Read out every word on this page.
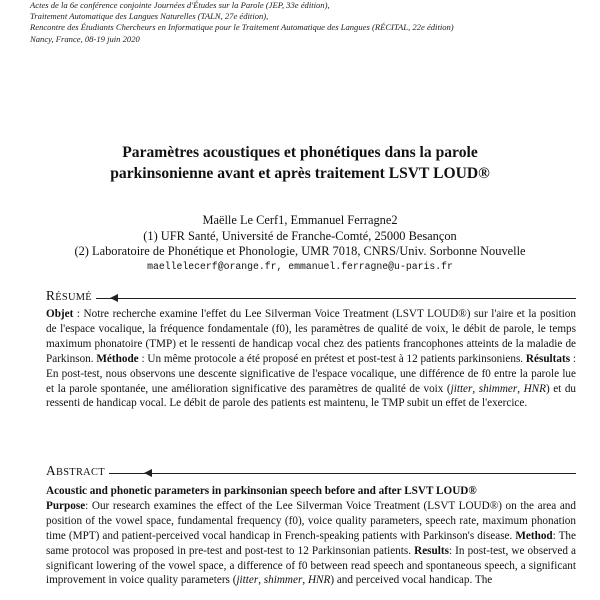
Actes de la 6e conférence conjointe Journées d'Études sur la Parole (JEP, 33e édition),
Traitement Automatique des Langues Naturelles (TALN, 27e édition),
Rencontre des Étudiants Chercheurs en Informatique pour le Traitement Automatique des Langues (RÉCITAL, 22e édition)
Nancy, France, 08-19 juin 2020
Paramètres acoustiques et phonétiques dans la parole
parkinsonienne avant et après traitement LSVT LOUD®
Maëlle Le Cerf1, Emmanuel Ferragne2
(1) UFR Santé, Université de Franche-Comté, 25000 Besançon
(2) Laboratoire de Phonétique et Phonologie, UMR 7018, CNRS/Univ. Sorbonne Nouvelle
maellelecerf@orange.fr, emmanuel.ferragne@u-paris.fr
RÉSUMÉ

Objet : Notre recherche examine l'effet du Lee Silverman Voice Treatment (LSVT LOUD®) sur l'aire et la position de l'espace vocalique, la fréquence fondamentale (f0), les paramètres de qualité de voix, le débit de parole, le temps maximum phonatoire (TMP) et le ressenti de handicap vocal chez des patients francophones atteints de la maladie de Parkinson. Méthode : Un même protocole a été proposé en prétest et post-test à 12 patients parkinsoniens. Résultats : En post-test, nous observons une descente significative de l'espace vocalique, une différence de f0 entre la parole lue et la parole spontanée, une amélioration significative des paramètres de qualité de voix (jitter, shimmer, HNR) et du ressenti de handicap vocal. Le débit de parole des patients est maintenu, le TMP subit un effet de l'exercice.

ABSTRACT

Acoustic and phonetic parameters in parkinsonian speech before and after LSVT LOUD®

Purpose: Our research examines the effect of the Lee Silverman Voice Treatment (LSVT LOUD®) on the area and position of the vowel space, fundamental frequency (f0), voice quality parameters, speech rate, maximum phonation time (MPT) and patient-perceived vocal handicap in French-speaking patients with Parkinson's disease. Method: The same protocol was proposed in pre-test and post-test to 12 Parkinsonian patients. Results: In post-test, we observed a significant lowering of the vowel space, a difference of f0 between read speech and spontaneous speech, a significant improvement in voice quality parameters (jitter, shimmer, HNR) and perceived vocal handicap. The
